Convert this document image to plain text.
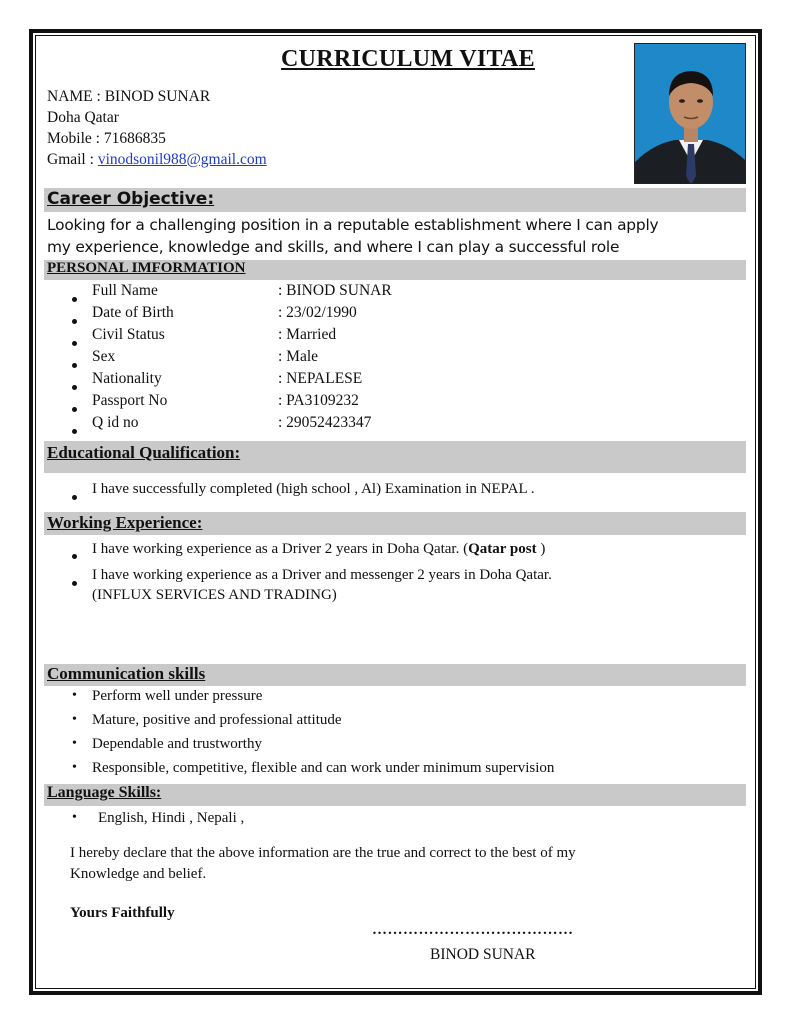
CURRICULUM VITAE
NAME : BINOD SUNAR
Doha Qatar
Mobile : 71686835
Gmail : vinodsonil988@gmail.com
Career Objective:
Looking for a challenging position in a reputable establishment where I can apply
my experience, knowledge and skills, and where I can play a successful role
PERSONAL IMFORMATION
Full Name	: BINOD SUNAR
Date of Birth	: 23/02/1990
Civil Status	: Married
Sex	: Male
Nationality	: NEPALESE
Passport No	: PA3109232
Q id no	: 29052423347
Educational Qualification:
I have successfully completed (high school , Al) Examination in NEPAL .
Working Experience:
I have working experience as a Driver 2 years in Doha Qatar. (Qatar post )
I have working experience as a Driver and messenger 2 years in Doha Qatar.
(INFLUX SERVICES AND TRADING)
Communication skills
• Perform well under pressure
• Mature, positive and professional attitude
• Dependable and trustworthy
• Responsible, competitive, flexible and can work under minimum supervision
Language Skills:
• English, Hindi , Nepali ,
I hereby declare that the above information are the true and correct to the best of my
Knowledge and belief.
Yours Faithfully
…………………………………
BINOD SUNAR
